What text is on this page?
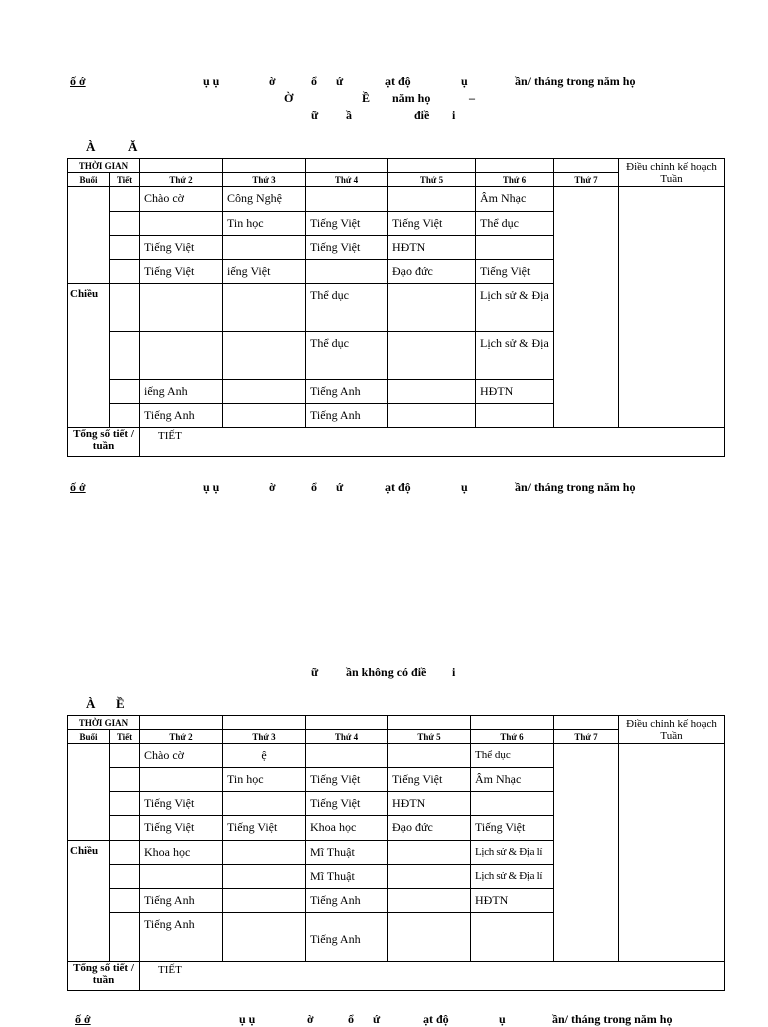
ố ớ	ụ ụ	ờ	ổ ứ	ạt độ	ụ	ần/ tháng trong năm họ
Ờ	Ề năm họ	–
ữ ầ	điề i
À	Ă
THỜI GIAN								Điều chỉnh kế hoạch Tuần
Buổi	Tiết	Thứ 2	Thứ 3	Thứ 4	Thứ 5	Thứ 6	Thứ 7	
		Chào cờ	Công Nghệ			Âm Nhạc		
			Tin học	Tiếng Việt	Tiếng Việt	Thể dục		
		Tiếng Việt		Tiếng Việt	HĐTN			
		Tiếng Việt	iếng Việt		Đạo đức	Tiếng Việt		
Chiều				Thể dục		Lịch sử & Địa		
				Thể dục		Lịch sử & Địa		
		iếng Anh		Tiếng Anh		HĐTN		
		Tiếng Anh		Tiếng Anh				
Tổng số tiết / tuần		TIẾT						
ố ớ	ụ ụ	ờ	ổ ứ	ạt độ	ụ	ần/ tháng trong năm họ
ữ ần không có điề i
À Ề
THỜI GIAN								Điều chỉnh kế hoạch Tuần
Buổi	Tiết	Thứ 2	Thứ 3	Thứ 4	Thứ 5	Thứ 6	Thứ 7	
		Chào cờ	ệ			Thể dục		
			Tin học	Tiếng Việt	Tiếng Việt	Âm Nhạc		
		Tiếng Việt		Tiếng Việt	HĐTN			
		Tiếng Việt	Tiếng Việt	Khoa học	Đạo đức	Tiếng Việt		
Chiều		Khoa học		Mĩ Thuật		Lịch sử & Địa lí		
				Mĩ Thuật		Lịch sử & Địa lí		
		Tiếng Anh		Tiếng Anh		HĐTN		
		Tiếng Anh		Tiếng Anh				
Tổng số tiết / tuần		TIẾT						
ố ớ	ụ ụ	ờ	ổ ứ	ạt độ	ụ	ần/ tháng trong năm họ
